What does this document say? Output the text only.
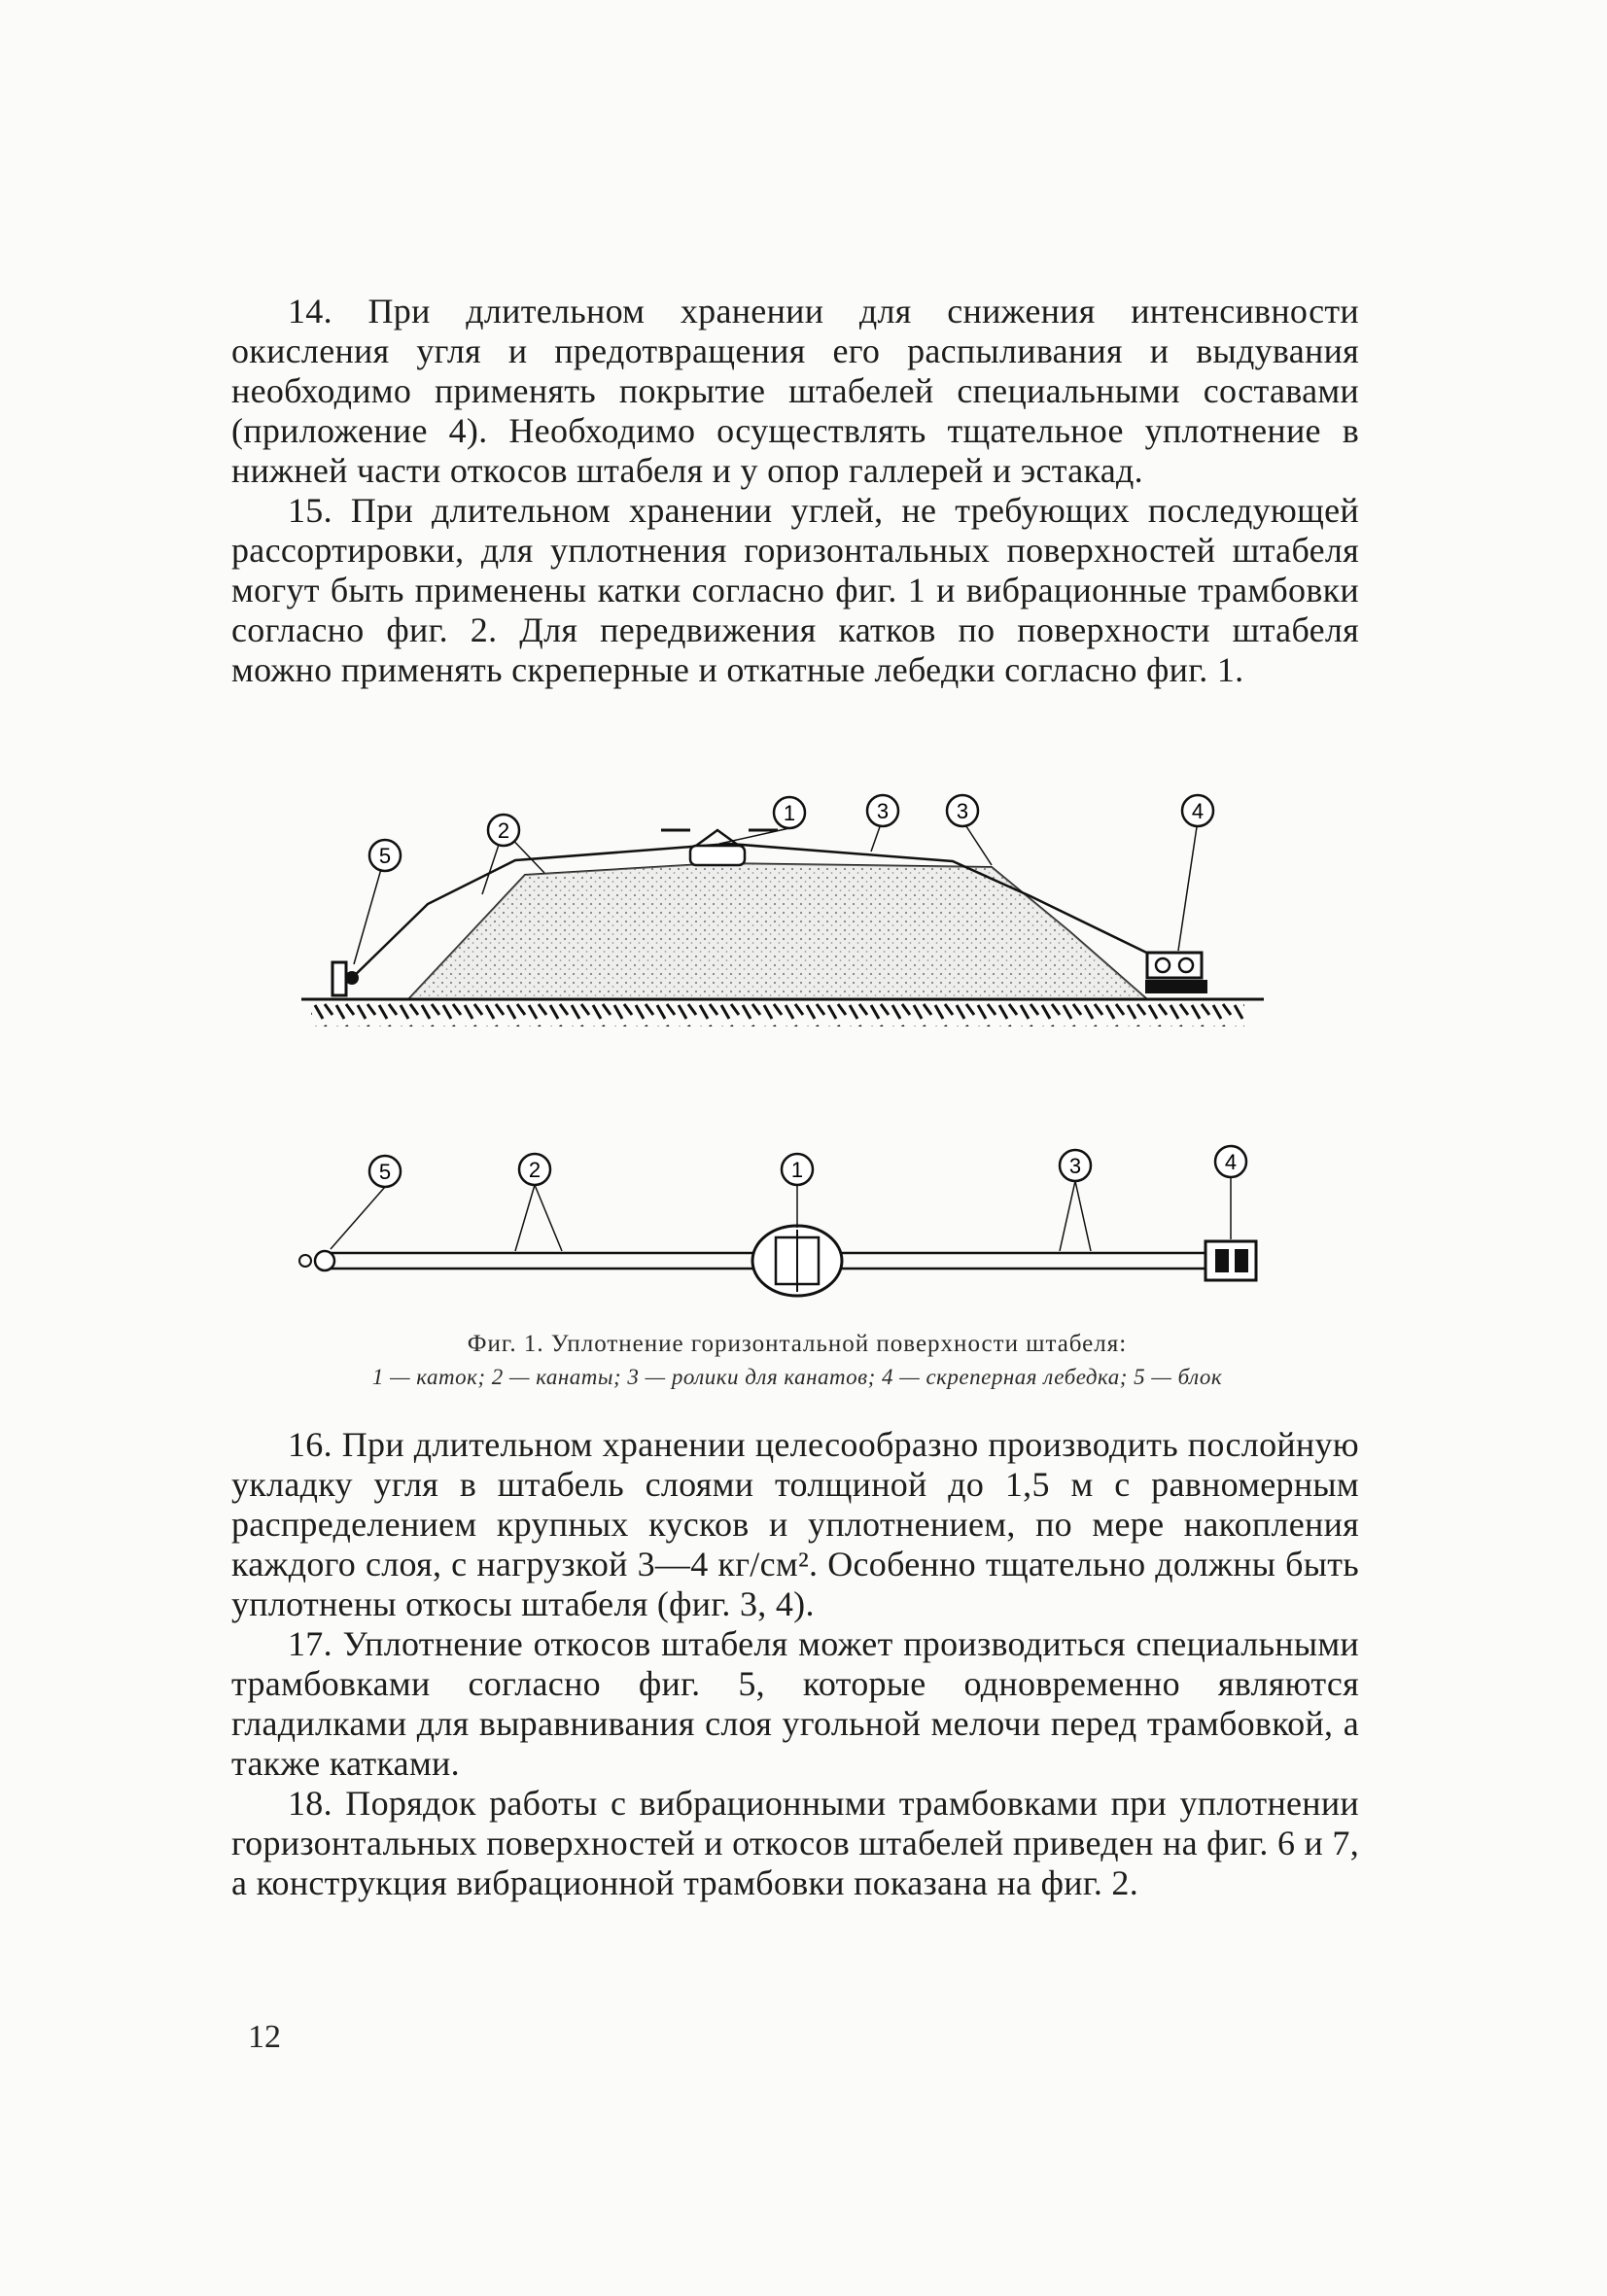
14. При длительном хранении для снижения интенсивности окисления угля и предотвращения его распыливания и выдувания необходимо применять покрытие штабелей специальными составами (приложение 4). Необходимо осуществлять тщательное уплотнение в нижней части откосов штабеля и у опор галлерей и эстакад.

15. При длительном хранении углей, не требующих последующей рассортировки, для уплотнения горизонтальных поверхностей штабеля могут быть применены катки согласно фиг. 1 и вибрационные трамбовки согласно фиг. 2. Для передвижения катков по поверхности штабеля можно применять скреперные и откатные лебедки согласно фиг. 1.

5
2
1	3	3	4
5	2	1	3	4
Фиг. 1. Уплотнение горизонтальной поверхности штабеля:
1 — каток; 2 — канаты; 3 — ролики для канатов; 4 — скреперная лебедка; 5 — блок

16. При длительном хранении целесообразно производить послойную укладку угля в штабель слоями толщиной до 1,5 м с равномерным распределением крупных кусков и уплотнением, по мере накопления каждого слоя, с нагрузкой 3—4 кг/см². Особенно тщательно должны быть уплотнены откосы штабеля (фиг. 3, 4).

17. Уплотнение откосов штабеля может производиться специальными трамбовками согласно фиг. 5, которые одновременно являются гладилками для выравнивания слоя угольной мелочи перед трамбовкой, а также катками.

18. Порядок работы с вибрационными трамбовками при уплотнении горизонтальных поверхностей и откосов штабелей приведен на фиг. 6 и 7, а конструкция вибрационной трамбовки показана на фиг. 2.

12
